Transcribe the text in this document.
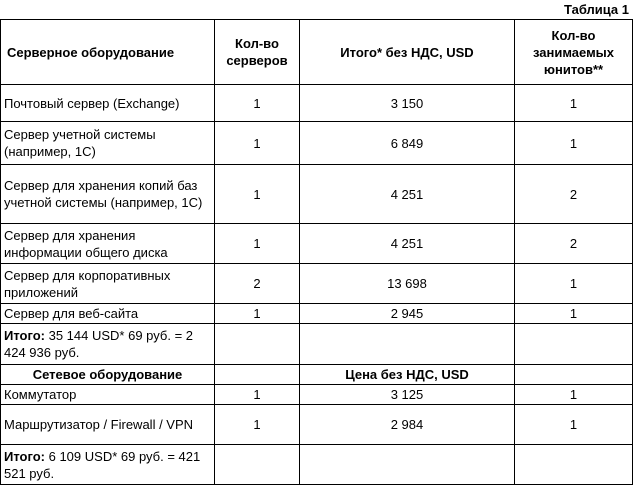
Таблица 1
Серверное оборудование	Кол-во серверов	Итого* без НДС, USD	Кол-во занимаемых юнитов**
Почтовый сервер (Exchange)	1	3 150	1
Сервер учетной системы (например, 1С)	1	6 849	1
Сервер для хранения копий баз учетной системы (например, 1С)	1	4 251	2
Сервер для хранения информации общего диска	1	4 251	2
Сервер для корпоративных приложений	2	13 698	1
Сервер для веб-сайта	1	2 945	1
Итого: 35 144 USD* 69 руб. = 2 424 936 руб.			
Сетевое оборудование		Цена без НДС, USD	
Коммутатор	1	3 125	1
Маршрутизатор / Firewall / VPN	1	2 984	1
Итого: 6 109 USD* 69 руб. = 421 521 руб.			
